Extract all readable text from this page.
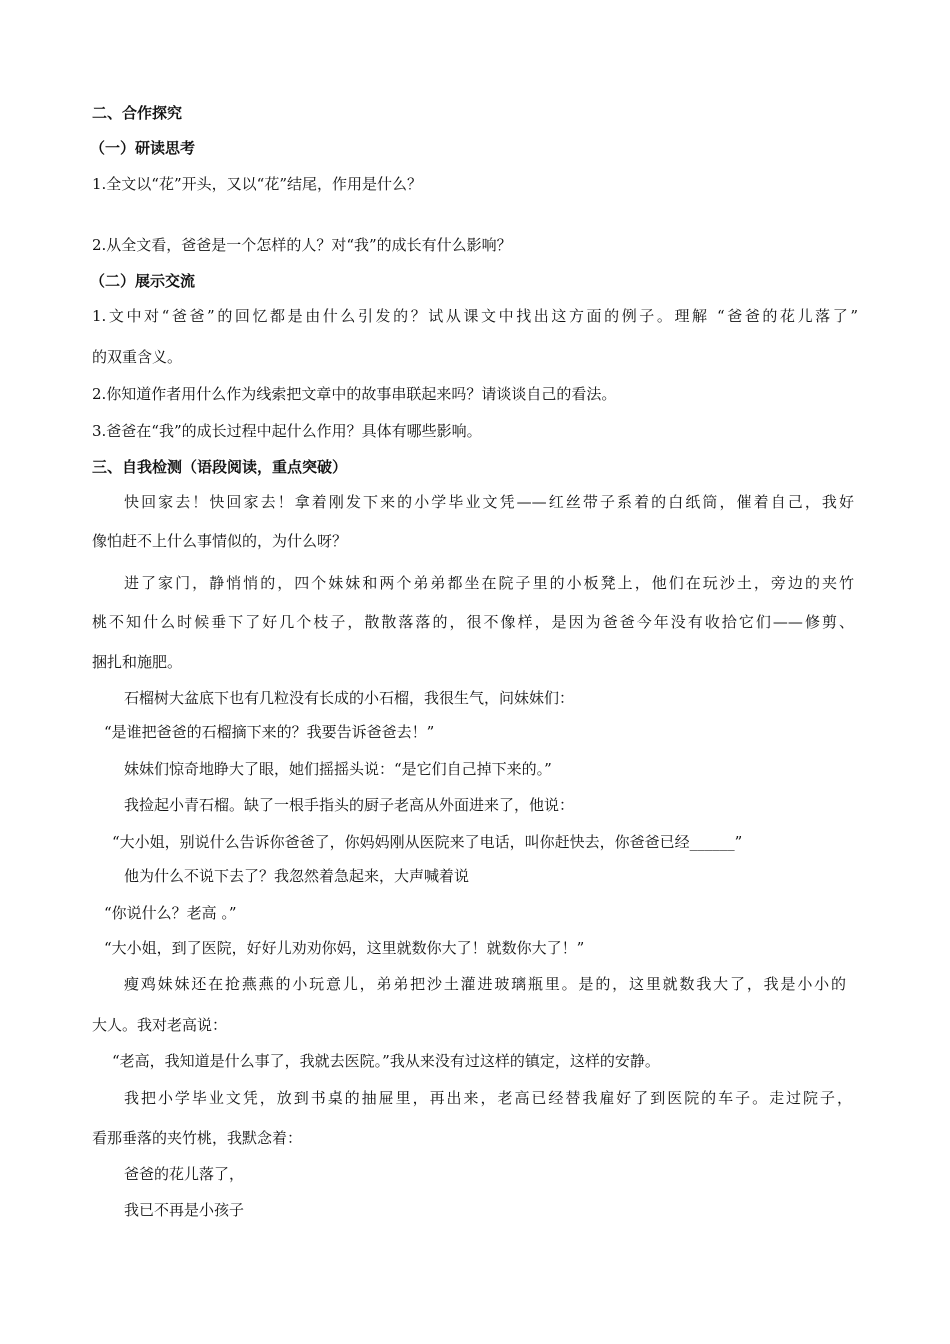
二、合作探究
（一）研读思考
1.全文以“花”开头，又以“花”结尾，作用是什么？
2.从全文看，爸爸是一个怎样的人？对“我”的成长有什么影响？
（二）展示交流
1.文中对“爸爸”的回忆都是由什么引发的？试从课文中找出这方面的例子。理解 “爸爸的花儿落了”
的双重含义。
2.你知道作者用什么作为线索把文章中的故事串联起来吗？请谈谈自己的看法。
3.爸爸在“我”的成长过程中起什么作用？具体有哪些影响。
三、自我检测（语段阅读，重点突破）
快回家去！快回家去！拿着刚发下来的小学毕业文凭——红丝带子系着的白纸筒，催着自己，我好
像怕赶不上什么事情似的，为什么呀？
进了家门，静悄悄的，四个妹妹和两个弟弟都坐在院子里的小板凳上，他们在玩沙土，旁边的夹竹
桃不知什么时候垂下了好几个枝子，散散落落的，很不像样，是因为爸爸今年没有收拾它们——修剪、
捆扎和施肥。
石榴树大盆底下也有几粒没有长成的小石榴，我很生气，问妹妹们：
“是谁把爸爸的石榴摘下来的？我要告诉爸爸去！”
妹妹们惊奇地睁大了眼，她们摇摇头说：“是它们自己掉下来的。”
我捡起小青石榴。缺了一根手指头的厨子老高从外面进来了，他说：
“大小姐，别说什么告诉你爸爸了，你妈妈刚从医院来了电话，叫你赶快去，你爸爸已经______”
他为什么不说下去了？我忽然着急起来，大声喊着说
“你说什么？老高 。”
“大小姐，到了医院，好好儿劝劝你妈，这里就数你大了！就数你大了！”
瘦鸡妹妹还在抢燕燕的小玩意儿，弟弟把沙土灌进玻璃瓶里。是的，这里就数我大了，我是小小的
大人。我对老高说：
“老高，我知道是什么事了，我就去医院。”我从来没有过这样的镇定，这样的安静。
我把小学毕业文凭，放到书桌的抽屉里，再出来，老高已经替我雇好了到医院的车子。走过院子，
看那垂落的夹竹桃，我默念着：
爸爸的花儿落了，
我已不再是小孩子
